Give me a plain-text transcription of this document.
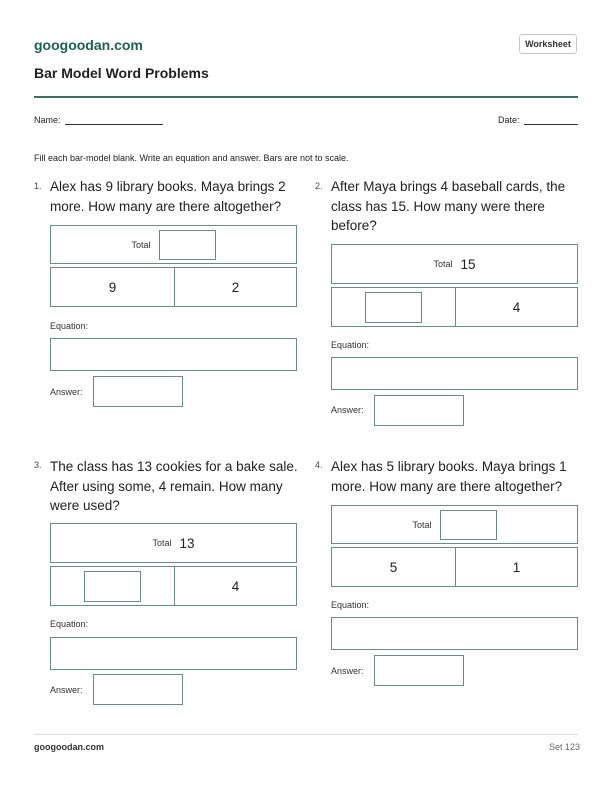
googoodan.com	Worksheet
Bar Model Word Problems
Name:	Date:
Fill each bar-model blank. Write an equation and answer. Bars are not to scale.
1. Alex has 9 library books. Maya brings 2
more. How many are there altogether?
Total
9	2
Equation:
Answer:
2. After Maya brings 4 baseball cards, the
class has 15. How many were there
before?
Total 15
4
Equation:
Answer:
3. The class has 13 cookies for a bake sale.
After using some, 4 remain. How many
were used?
Total 13
4
Equation:
Answer:
4. Alex has 5 library books. Maya brings 1
more. How many are there altogether?
Total
5	1
Equation:
Answer:
googoodan.com	Set 123
